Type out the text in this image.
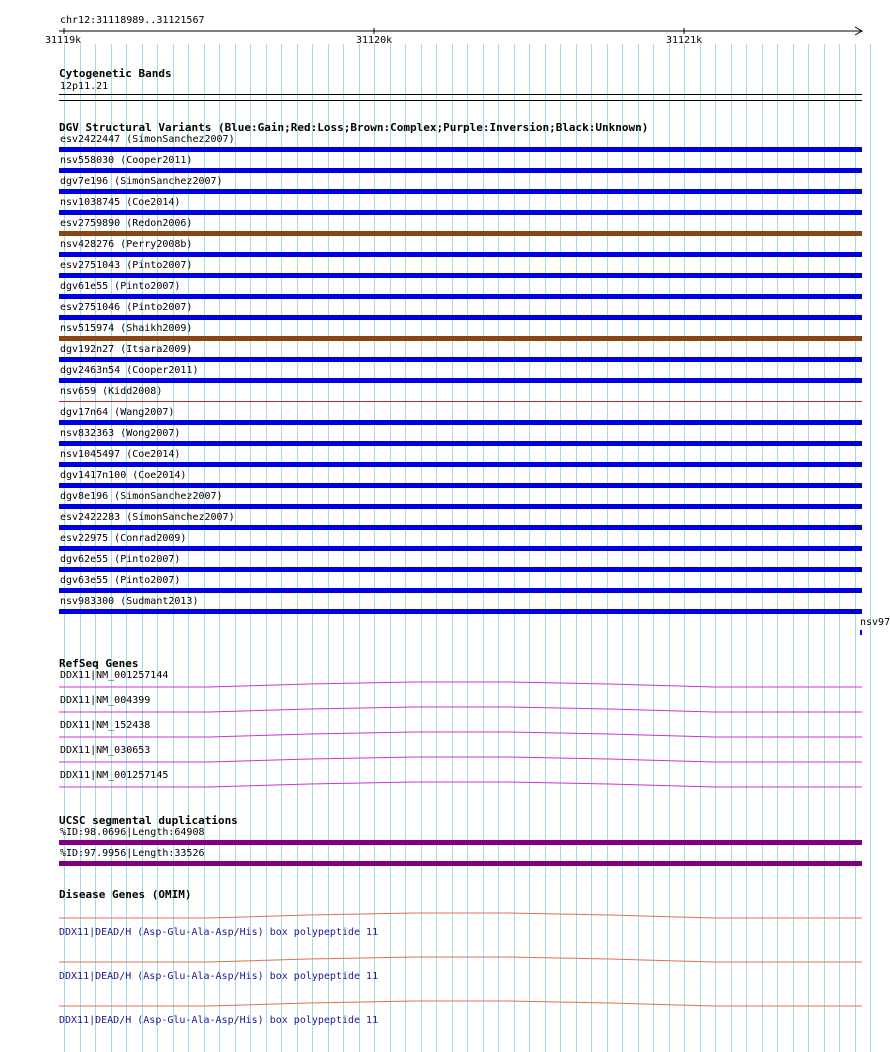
chr12:31118989..31121567
31119k	31120k	31121k
Cytogenetic Bands
12p11.21
DGV Structural Variants (Blue:Gain;Red:Loss;Brown:Complex;Purple:Inversion;Black:Unknown)
esv2422447 (SimonSanchez2007)
nsv558030 (Cooper2011)
dgv7e196 (SimonSanchez2007)
nsv1038745 (Coe2014)
esv2759890 (Redon2006)
nsv428276 (Perry2008b)
esv2751043 (Pinto2007)
dgv61e55 (Pinto2007)
esv2751046 (Pinto2007)
nsv515974 (Shaikh2009)
dgv192n27 (Itsara2009)
dgv2463n54 (Cooper2011)
nsv659 (Kidd2008)
dgv17n64 (Wang2007)
nsv832363 (Wong2007)
nsv1045497 (Coe2014)
dgv1417n100 (Coe2014)
dgv8e196 (SimonSanchez2007)
esv2422283 (SimonSanchez2007)
esv22975 (Conrad2009)
dgv62e55 (Pinto2007)
dgv63e55 (Pinto2007)
nsv983300 (Sudmant2013)
nsv97
RefSeq Genes
DDX11|NM_001257144
DDX11|NM_004399
DDX11|NM_152438
DDX11|NM_030653
DDX11|NM_001257145
UCSC segmental duplications
%ID:98.0696|Length:64908
%ID:97.9956|Length:33526
Disease Genes (OMIM)
DDX11|DEAD/H (Asp-Glu-Ala-Asp/His) box polypeptide 11
DDX11|DEAD/H (Asp-Glu-Ala-Asp/His) box polypeptide 11
DDX11|DEAD/H (Asp-Glu-Ala-Asp/His) box polypeptide 11
